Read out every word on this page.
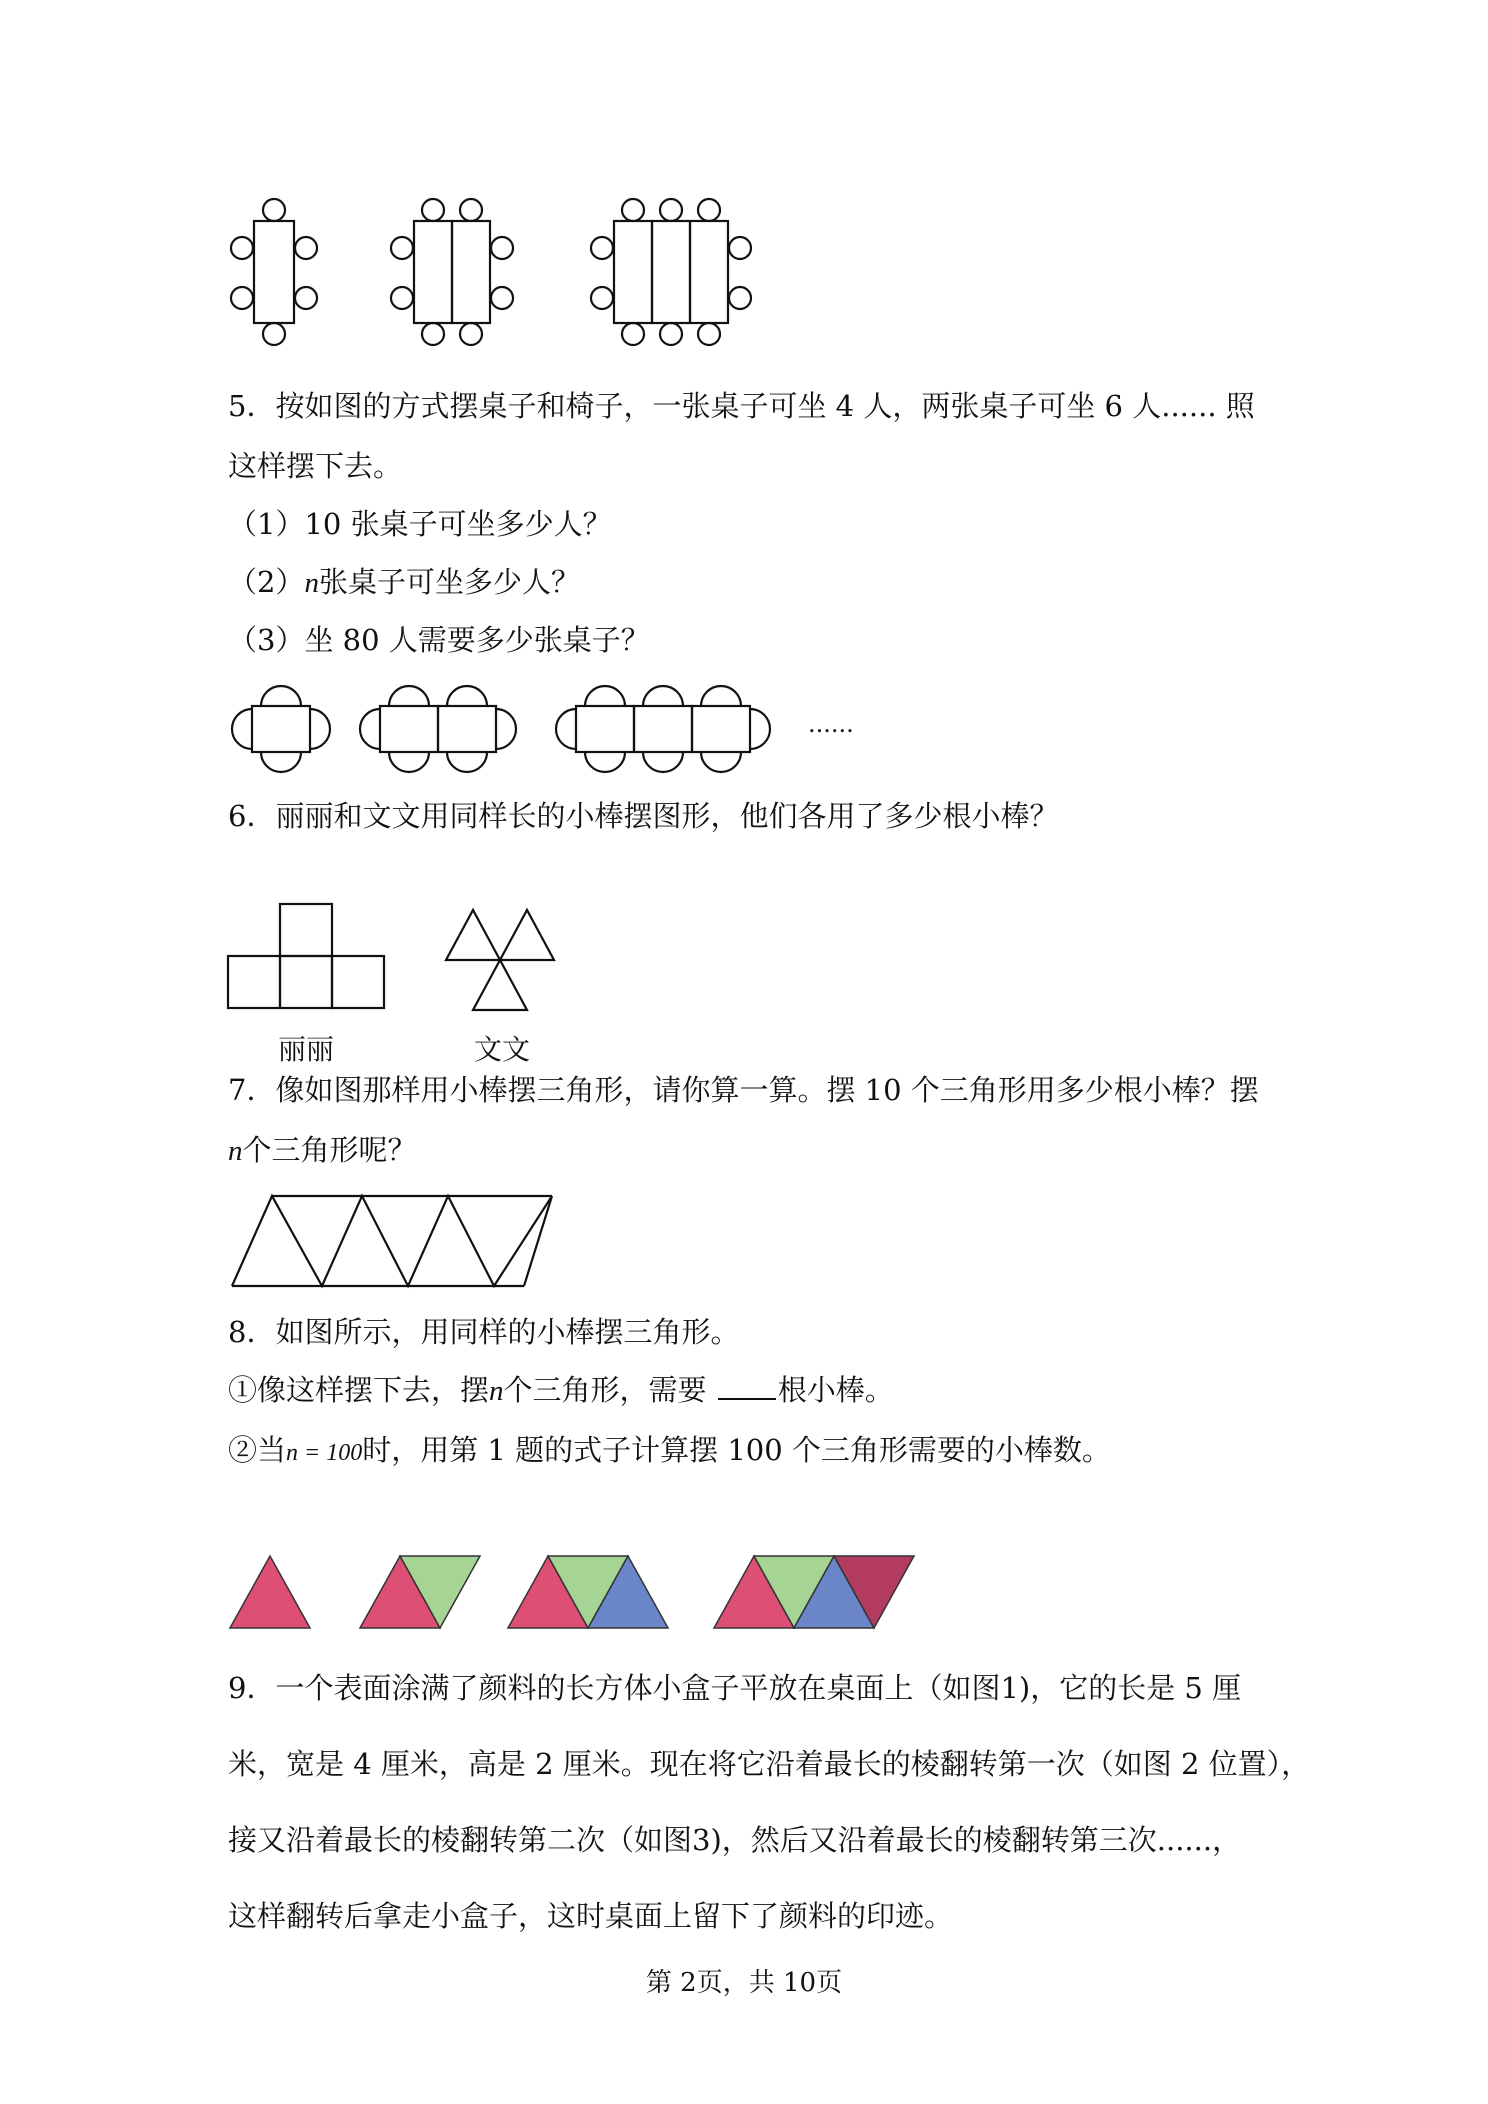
5．按如图的方式摆桌子和椅子，一张桌子可坐 4 人，两张桌子可坐 6 人...... 照
这样摆下去。
（1）10 张桌子可坐多少人？
（2）n张桌子可坐多少人？
（3）坐 80 人需要多少张桌子？
......
6．丽丽和文文用同样长的小棒摆图形，他们各用了多少根小棒？
丽丽	文文
7．像如图那样用小棒摆三角形，请你算一算。摆 10 个三角形用多少根小棒？摆
n个三角形呢？
8．如图所示，用同样的小棒摆三角形。
①像这样摆下去，摆n个三角形，需要 根小棒。
②当n = 100时，用第 1 题的式子计算摆 100 个三角形需要的小棒数。
9．一个表面涂满了颜料的长方体小盒子平放在桌面上（如图1)，它的长是 5 厘
米，宽是 4 厘米，高是 2 厘米。现在将它沿着最长的棱翻转第一次（如图 2 位置），
接又沿着最长的棱翻转第二次（如图3)，然后又沿着最长的棱翻转第三次......，
这样翻转后拿走小盒子，这时桌面上留下了颜料的印迹。
第 2页，共 10页
